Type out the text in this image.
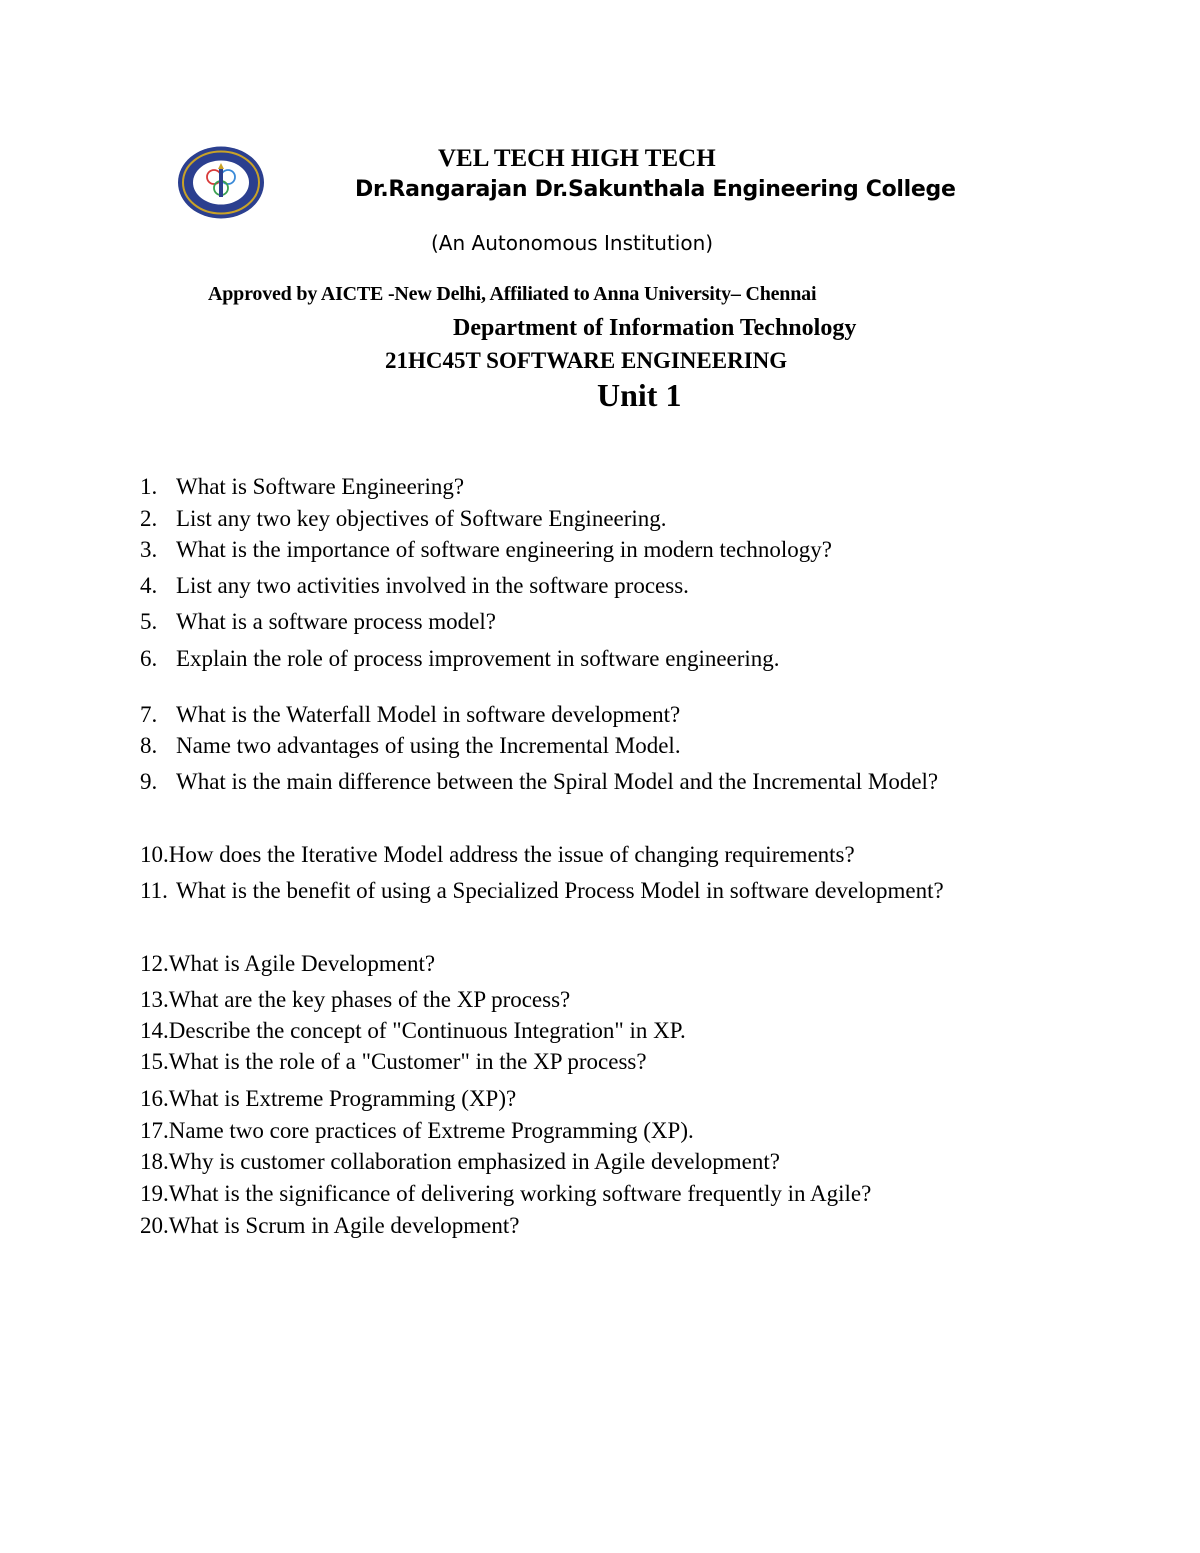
VEL TECH HIGH TECH
Dr.Rangarajan Dr.Sakunthala Engineering College
(An Autonomous Institution)
Approved by AICTE -New Delhi, Affiliated to Anna University– Chennai
Department of Information Technology
21HC45T SOFTWARE ENGINEERING
Unit 1
1. What is Software Engineering?
2. List any two key objectives of Software Engineering.
3. What is the importance of software engineering in modern technology?
4. List any two activities involved in the software process.
5. What is a software process model?
6. Explain the role of process improvement in software engineering.
7. What is the Waterfall Model in software development?
8. Name two advantages of using the Incremental Model.
9. What is the main difference between the Spiral Model and the Incremental Model?
10.How does the Iterative Model address the issue of changing requirements?
11. What is the benefit of using a Specialized Process Model in software development?
12.What is Agile Development?
13.What are the key phases of the XP process?
14.Describe the concept of "Continuous Integration" in XP.
15.What is the role of a "Customer" in the XP process?
16.What is Extreme Programming (XP)?
17.Name two core practices of Extreme Programming (XP).
18.Why is customer collaboration emphasized in Agile development?
19.What is the significance of delivering working software frequently in Agile?
20.What is Scrum in Agile development?
